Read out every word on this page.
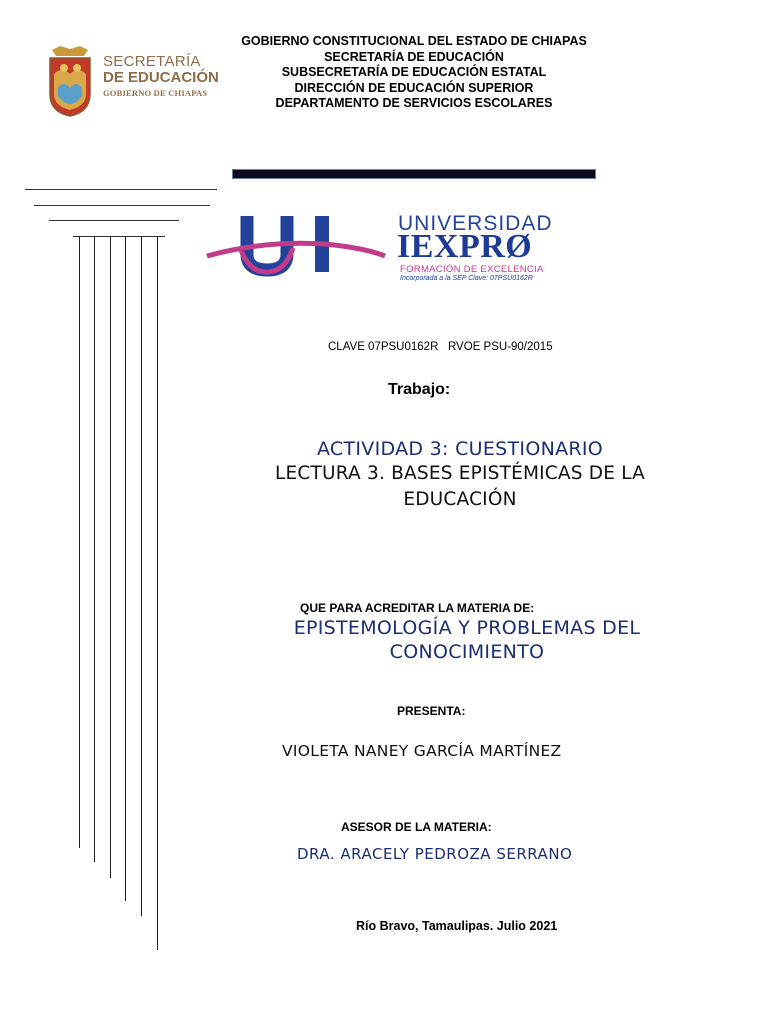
GOBIERNO CONSTITUCIONAL DEL ESTADO DE CHIAPAS
SECRETARÍA DE EDUCACIÓN
SUBSECRETARÍA DE EDUCACIÓN ESTATAL
DIRECCIÓN DE EDUCACIÓN SUPERIOR
DEPARTAMENTO DE SERVICIOS ESCOLARES
SECRETARÍA
DE EDUCACIÓN
GOBIERNO DE CHIAPAS
UNIVERSIDAD
IEXPRØ
FORMACIÓN DE EXCELENCIA
Incorporada a la SEP Clave: 07PSU0162R
CLAVE 07PSU0162R   RVOE PSU-90/2015
Trabajo:
ACTIVIDAD 3: CUESTIONARIO
LECTURA 3. BASES EPISTÉMICAS DE LA
EDUCACIÓN
QUE PARA ACREDITAR LA MATERIA DE:
EPISTEMOLOGÍA Y PROBLEMAS DEL
CONOCIMIENTO
PRESENTA:
VIOLETA NANEY GARCÍA MARTÍNEZ
ASESOR DE LA MATERIA:
DRA. ARACELY PEDROZA SERRANO
Río Bravo, Tamaulipas. Julio 2021
